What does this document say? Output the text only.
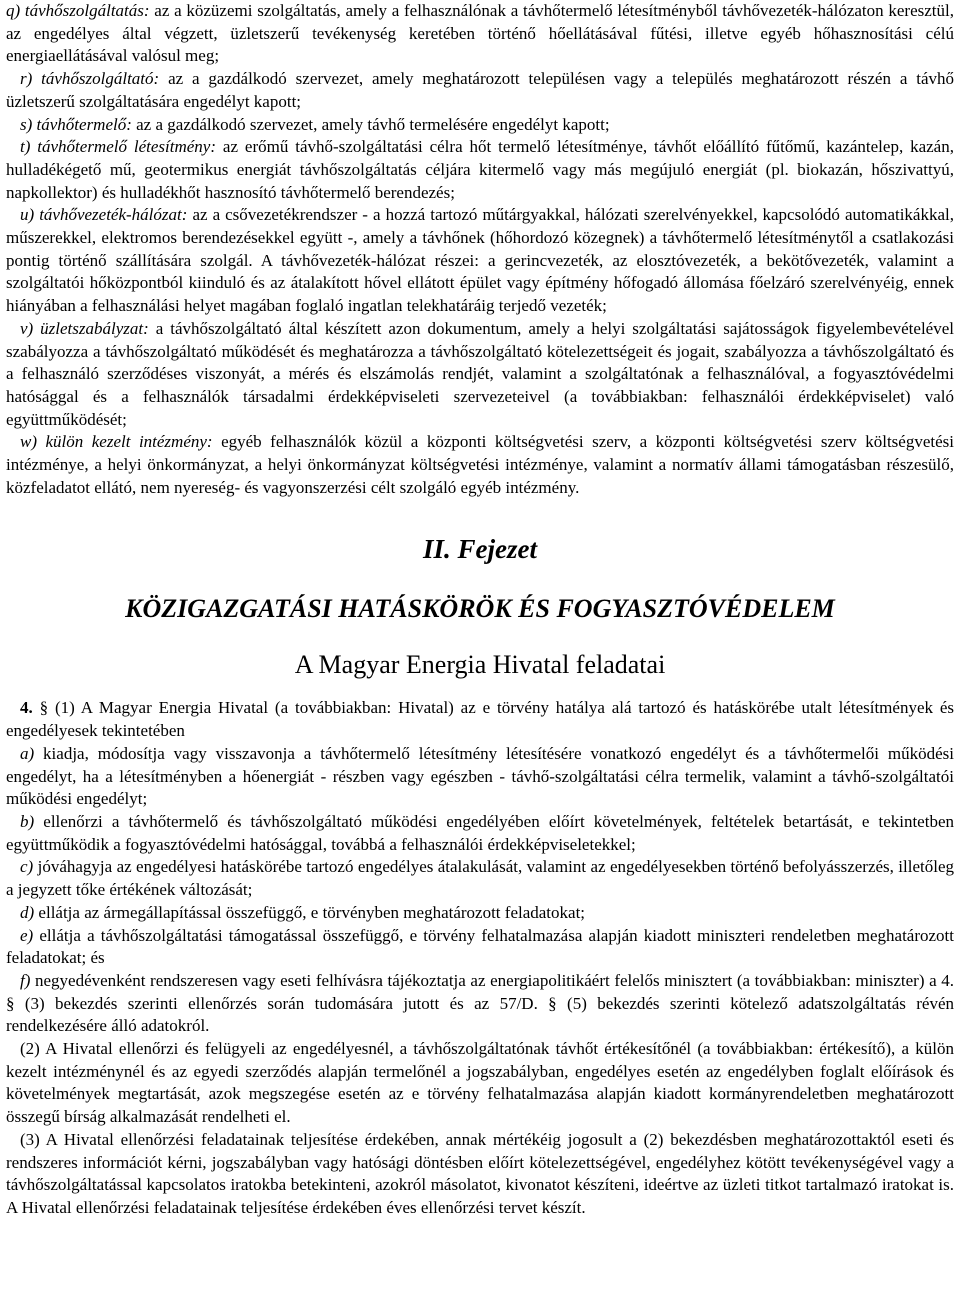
q) távhőszolgáltatás: az a közüzemi szolgáltatás, amely a felhasználónak a távhőtermelő létesítményből távhővezeték-hálózaton keresztül, az engedélyes által végzett, üzletszerű tevékenység keretében történő hőellátásával fűtési, illetve egyéb hőhasznosítási célú energiaellátásával valósul meg;

r) távhőszolgáltató: az a gazdálkodó szervezet, amely meghatározott településen vagy a település meghatározott részén a távhő üzletszerű szolgáltatására engedélyt kapott;

s) távhőtermelő: az a gazdálkodó szervezet, amely távhő termelésére engedélyt kapott;

t) távhőtermelő létesítmény: az erőmű távhő-szolgáltatási célra hőt termelő létesítménye, távhőt előállító fűtőmű, kazántelep, kazán, hulladékégető mű, geotermikus energiát távhőszolgáltatás céljára kitermelő vagy más megújuló energiát (pl. biokazán, hőszivattyú, napkollektor) és hulladékhőt hasznosító távhőtermelő berendezés;

u) távhővezeték-hálózat: az a csővezetékrendszer - a hozzá tartozó műtárgyakkal, hálózati szerelvényekkel, kapcsolódó automatikákkal, műszerekkel, elektromos berendezésekkel együtt -, amely a távhőnek (hőhordozó közegnek) a távhőtermelő létesítménytől a csatlakozási pontig történő szállítására szolgál. A távhővezeték-hálózat részei: a gerincvezeték, az elosztóvezeték, a bekötővezeték, valamint a szolgáltatói hőközpontból kiinduló és az átalakított hővel ellátott épület vagy építmény hőfogadó állomása főelzáró szerelvényéig, ennek hiányában a felhasználási helyet magában foglaló ingatlan telekhatáráig terjedő vezeték;

v) üzletszabályzat: a távhőszolgáltató által készített azon dokumentum, amely a helyi szolgáltatási sajátosságok figyelembevételével szabályozza a távhőszolgáltató működését és meghatározza a távhőszolgáltató kötelezettségeit és jogait, szabályozza a távhőszolgáltató és a felhasználó szerződéses viszonyát, a mérés és elszámolás rendjét, valamint a szolgáltatónak a felhasználóval, a fogyasztóvédelmi hatósággal és a felhasználók társadalmi érdekképviseleti szervezeteivel (a továbbiakban: felhasználói érdekképviselet) való együttműködését;

w) külön kezelt intézmény: egyéb felhasználók közül a központi költségvetési szerv, a központi költségvetési szerv költségvetési intézménye, a helyi önkormányzat, a helyi önkormányzat költségvetési intézménye, valamint a normatív állami támogatásban részesülő, közfeladatot ellátó, nem nyereség- és vagyonszerzési célt szolgáló egyéb intézmény.

II. Fejezet
KÖZIGAZGATÁSI HATÁSKÖRÖK ÉS FOGYASZTÓVÉDELEM
A Magyar Energia Hivatal feladatai

4. § (1) A Magyar Energia Hivatal (a továbbiakban: Hivatal) az e törvény hatálya alá tartozó és hatáskörébe utalt létesítmények és engedélyesek tekintetében

a) kiadja, módosítja vagy visszavonja a távhőtermelő létesítmény létesítésére vonatkozó engedélyt és a távhőtermelői működési engedélyt, ha a létesítményben a hőenergiát - részben vagy egészben - távhő-szolgáltatási célra termelik, valamint a távhő-szolgáltatói működési engedélyt;

b) ellenőrzi a távhőtermelő és távhőszolgáltató működési engedélyében előírt követelmények, feltételek betartását, e tekintetben együttműködik a fogyasztóvédelmi hatósággal, továbbá a felhasználói érdekképviseletekkel;

c) jóváhagyja az engedélyesi hatáskörébe tartozó engedélyes átalakulását, valamint az engedélyesekben történő befolyásszerzés, illetőleg a jegyzett tőke értékének változását;

d) ellátja az ármegállapítással összefüggő, e törvényben meghatározott feladatokat;

e) ellátja a távhőszolgáltatási támogatással összefüggő, e törvény felhatalmazása alapján kiadott miniszteri rendeletben meghatározott feladatokat; és

f) negyedévenként rendszeresen vagy eseti felhívásra tájékoztatja az energiapolitikáért felelős minisztert (a továbbiakban: miniszter) a 4. § (3) bekezdés szerinti ellenőrzés során tudomására jutott és az 57/D. § (5) bekezdés szerinti kötelező adatszolgáltatás révén rendelkezésére álló adatokról.

(2) A Hivatal ellenőrzi és felügyeli az engedélyesnél, a távhőszolgáltatónak távhőt értékesítőnél (a továbbiakban: értékesítő), a külön kezelt intézménynél és az egyedi szerződés alapján termelőnél a jogszabályban, engedélyes esetén az engedélyben foglalt előírások és követelmények megtartását, azok megszegése esetén az e törvény felhatalmazása alapján kiadott kormányrendeletben meghatározott összegű bírság alkalmazását rendelheti el.

(3) A Hivatal ellenőrzési feladatainak teljesítése érdekében, annak mértékéig jogosult a (2) bekezdésben meghatározottaktól eseti és rendszeres információt kérni, jogszabályban vagy hatósági döntésben előírt kötelezettségével, engedélyhez kötött tevékenységével vagy a távhőszolgáltatással kapcsolatos iratokba betekinteni, azokról másolatot, kivonatot készíteni, ideértve az üzleti titkot tartalmazó iratokat is. A Hivatal ellenőrzési feladatainak teljesítése érdekében éves ellenőrzési tervet készít.
